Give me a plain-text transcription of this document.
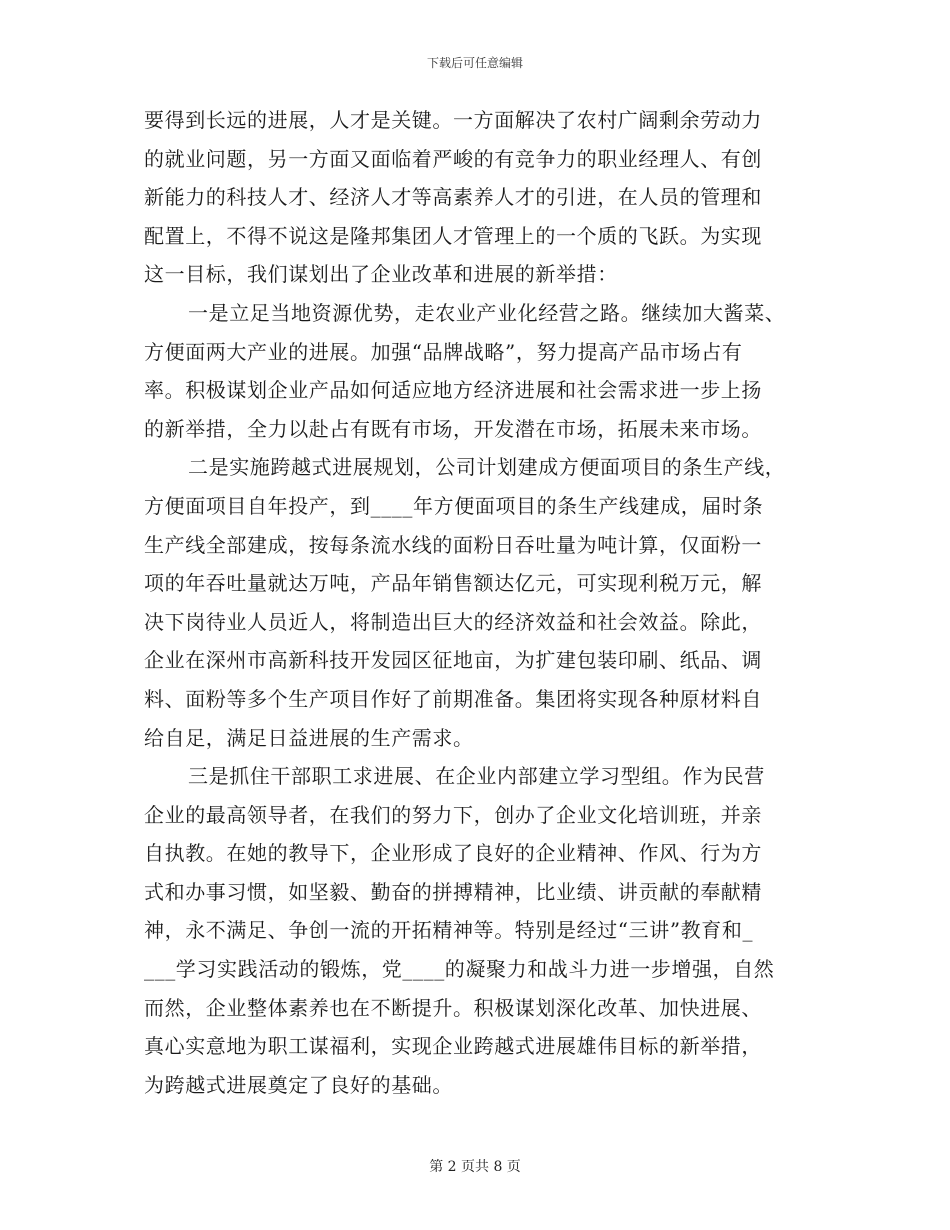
下载后可任意编辑
要得到长远的进展，人才是关键。一方面解决了农村广阔剩余劳动力
的就业问题，另一方面又面临着严峻的有竞争力的职业经理人、有创
新能力的科技人才、经济人才等高素养人才的引进，在人员的管理和
配置上，不得不说这是隆邦集团人才管理上的一个质的飞跃。为实现
这一目标，我们谋划出了企业改革和进展的新举措：
一是立足当地资源优势，走农业产业化经营之路。继续加大酱菜、
方便面两大产业的进展。加强“品牌战略”，努力提高产品市场占有
率。积极谋划企业产品如何适应地方经济进展和社会需求进一步上扬
的新举措，全力以赴占有既有市场，开发潜在市场，拓展未来市场。
二是实施跨越式进展规划，公司计划建成方便面项目的条生产线，
方便面项目自年投产，到____年方便面项目的条生产线建成，届时条
生产线全部建成，按每条流水线的面粉日吞吐量为吨计算，仅面粉一
项的年吞吐量就达万吨，产品年销售额达亿元，可实现利税万元，解
决下岗待业人员近人，将制造出巨大的经济效益和社会效益。除此，
企业在深州市高新科技开发园区征地亩，为扩建包装印刷、纸品、调
料、面粉等多个生产项目作好了前期准备。集团将实现各种原材料自
给自足，满足日益进展的生产需求。
三是抓住干部职工求进展、在企业内部建立学习型组。作为民营
企业的最高领导者，在我们的努力下，创办了企业文化培训班，并亲
自执教。在她的教导下，企业形成了良好的企业精神、作风、行为方
式和办事习惯，如坚毅、勤奋的拼搏精神，比业绩、讲贡献的奉献精
神，永不满足、争创一流的开拓精神等。特别是经过“三讲”教育和_
___学习实践活动的锻炼，党____的凝聚力和战斗力进一步增强，自然
而然，企业整体素养也在不断提升。积极谋划深化改革、加快进展、
真心实意地为职工谋福利，实现企业跨越式进展雄伟目标的新举措，
为跨越式进展奠定了良好的基础。
第 2 页共 8 页
